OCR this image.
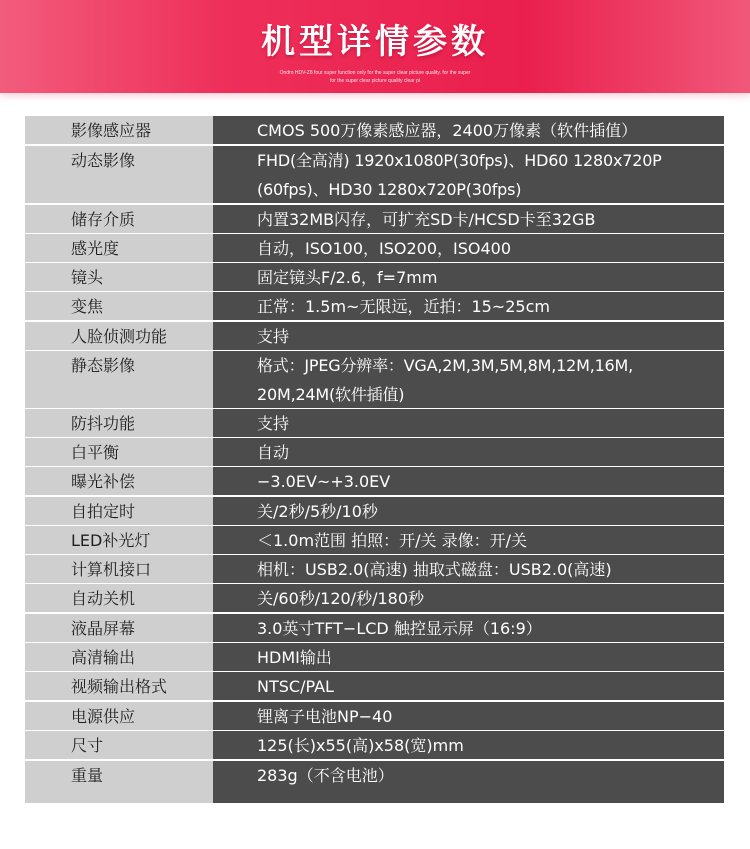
机型详情参数
Ondro HDV-Z8 four super function only for the super clear picture quality. for the super
for the super clear picture quality clear pi
影像感应器	CMOS 500万像素感应器，2400万像素（软件插值）
动态影像	FHD(全高清) 1920x1080P(30fps)、HD60 1280x720P
(60fps)、HD30 1280x720P(30fps)
储存介质	内置32MB闪存，可扩充SD卡/HCSD卡至32GB
感光度	自动，ISO100，ISO200，ISO400
镜头	固定镜头F/2.6，f=7mm
变焦	正常：1.5m~无限远，近拍：15~25cm
人脸侦测功能	支持
静态影像	格式：JPEG分辨率：VGA,2M,3M,5M,8M,12M,16M,
20M,24M(软件插值)
防抖功能	支持
白平衡	自动
曝光补偿	−3.0EV~+3.0EV
自拍定时	关/2秒/5秒/10秒
LED补光灯	＜1.0m范围 拍照：开/关 录像：开/关
计算机接口	相机：USB2.0(高速) 抽取式磁盘：USB2.0(高速)
自动关机	关/60秒/120/秒/180秒
液晶屏幕	3.0英寸TFT−LCD 触控显示屏（16:9）
高清输出	HDMI输出
视频输出格式	NTSC/PAL
电源供应	锂离子电池NP−40
尺寸	125(长)x55(高)x58(宽)mm
重量	283g（不含电池）
